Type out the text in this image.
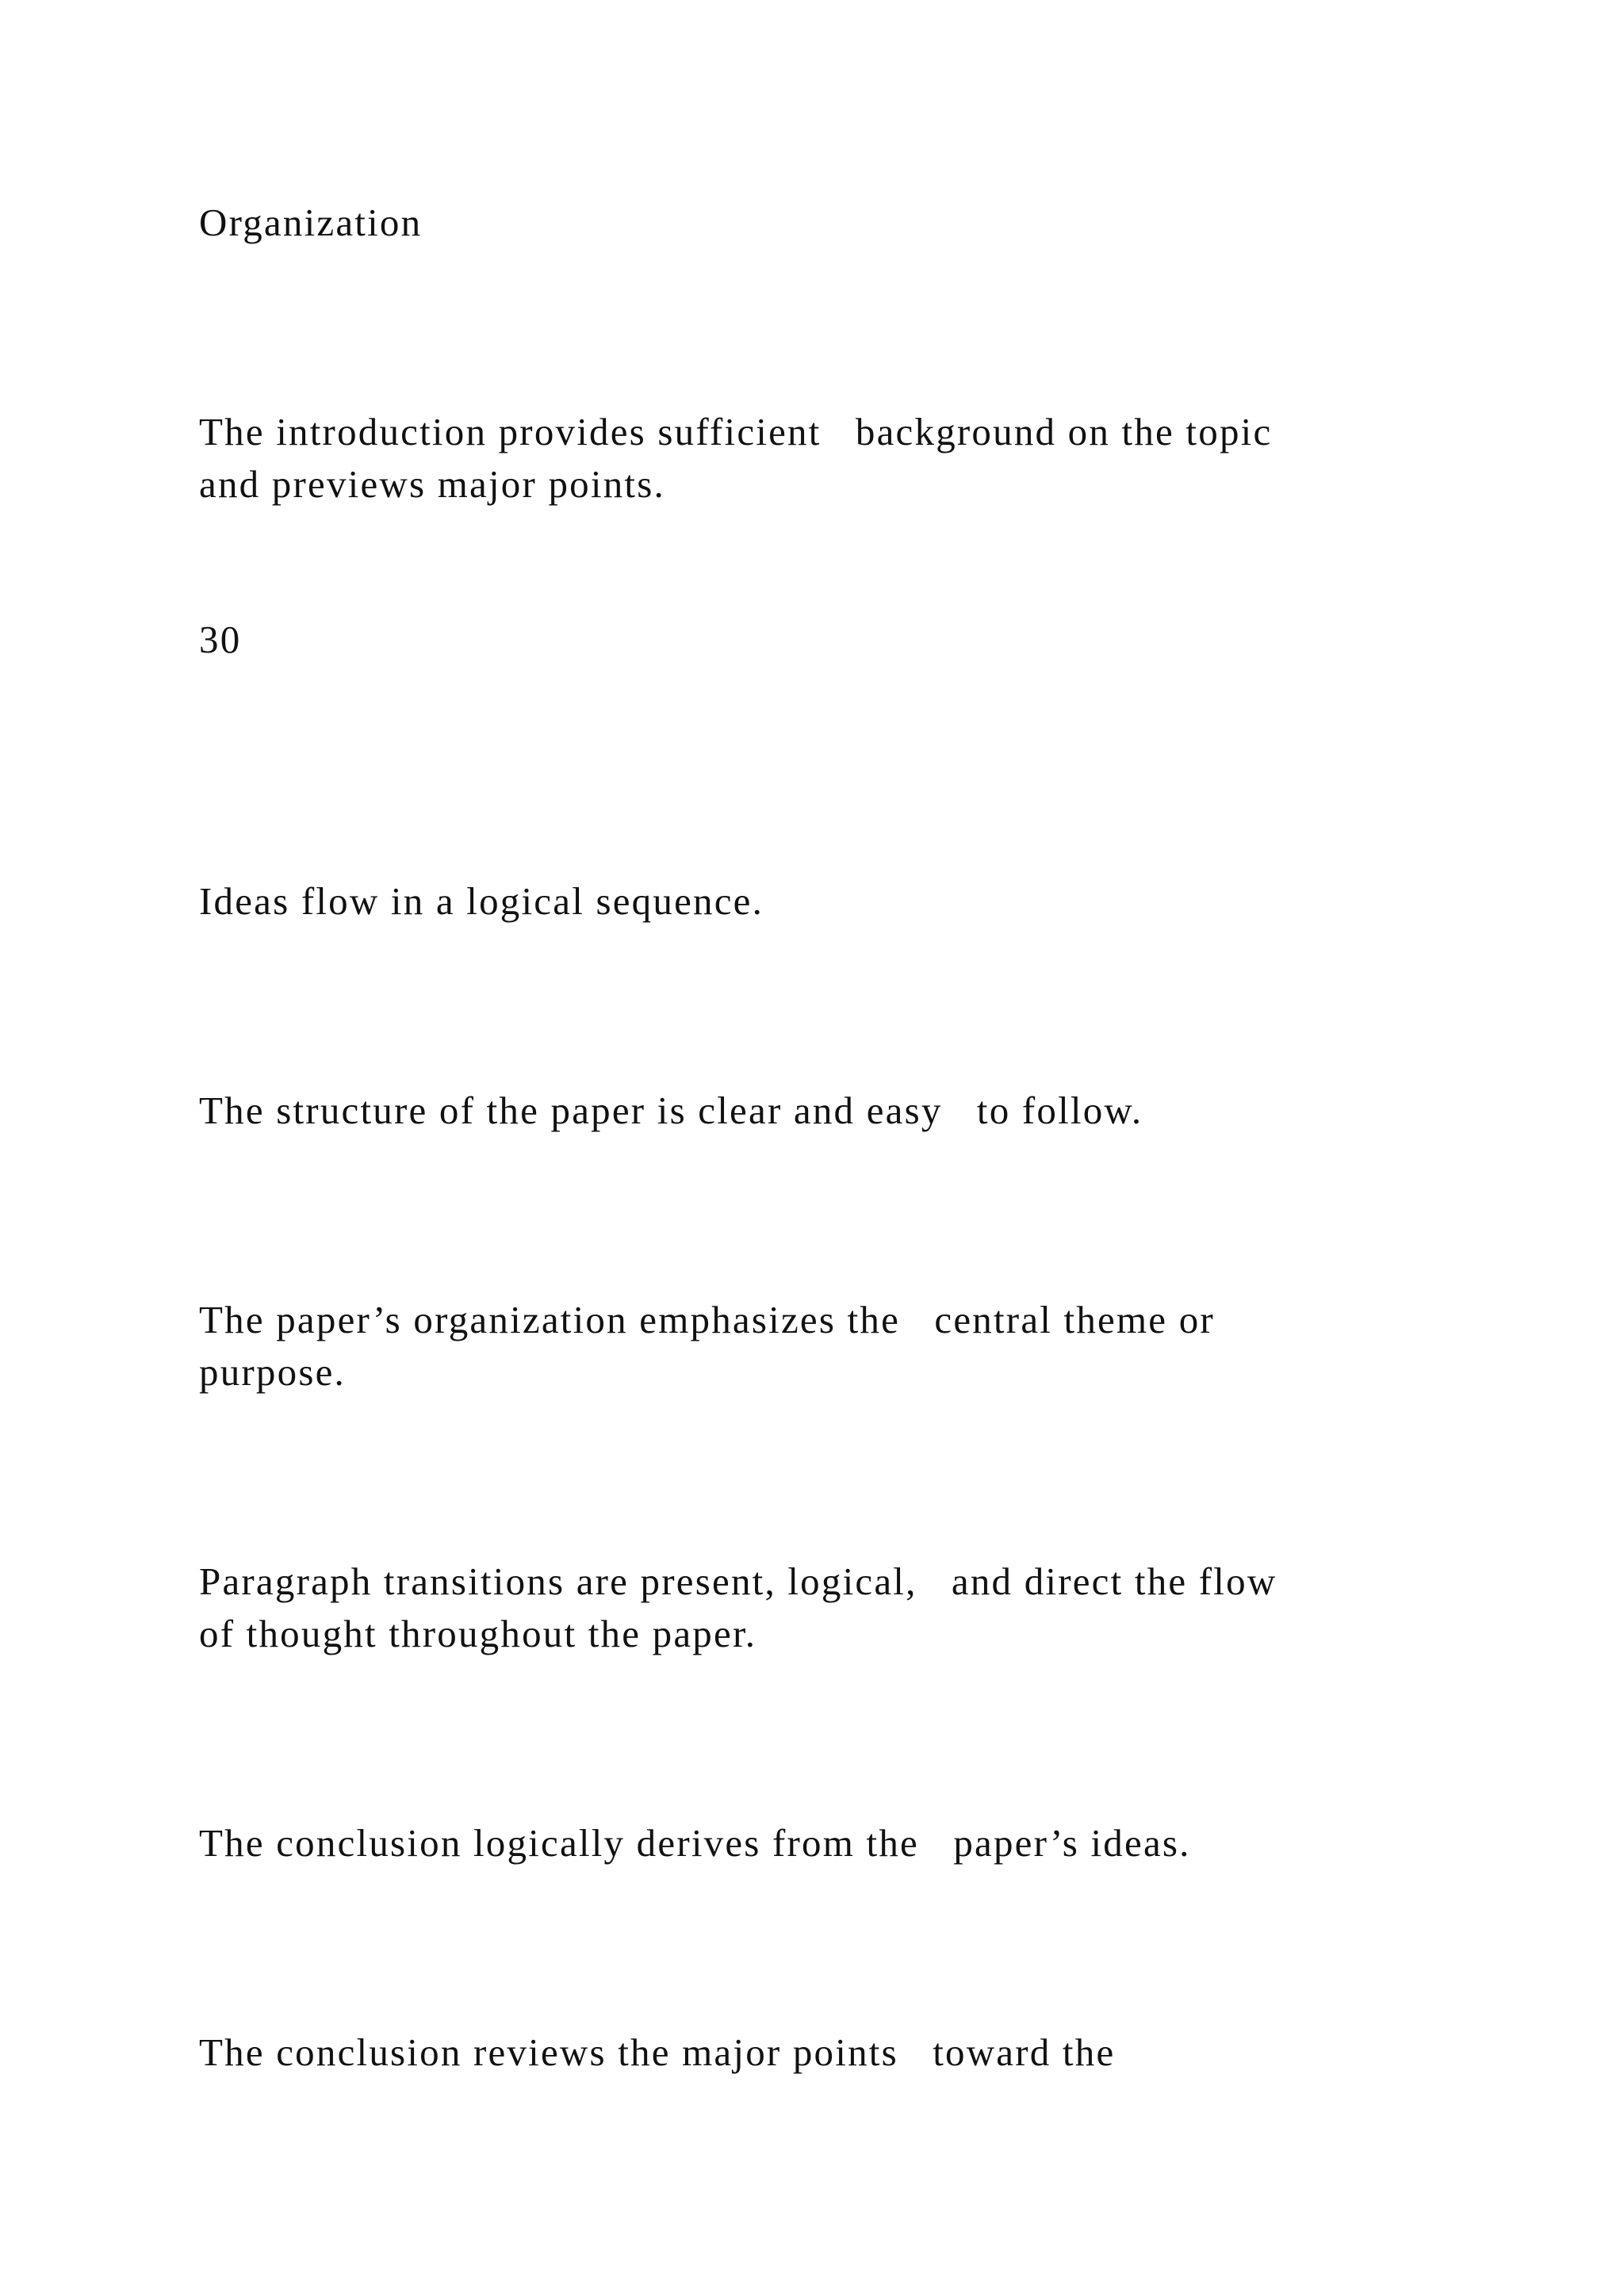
Organization

The introduction provides sufficient   background on the topic
and previews major points.

30

Ideas flow in a logical sequence.

The structure of the paper is clear and easy   to follow.

The paper’s organization emphasizes the   central theme or
purpose.

Paragraph transitions are present, logical,   and direct the flow
of thought throughout the paper.

The conclusion logically derives from the   paper’s ideas.

The conclusion reviews the major points   toward the
